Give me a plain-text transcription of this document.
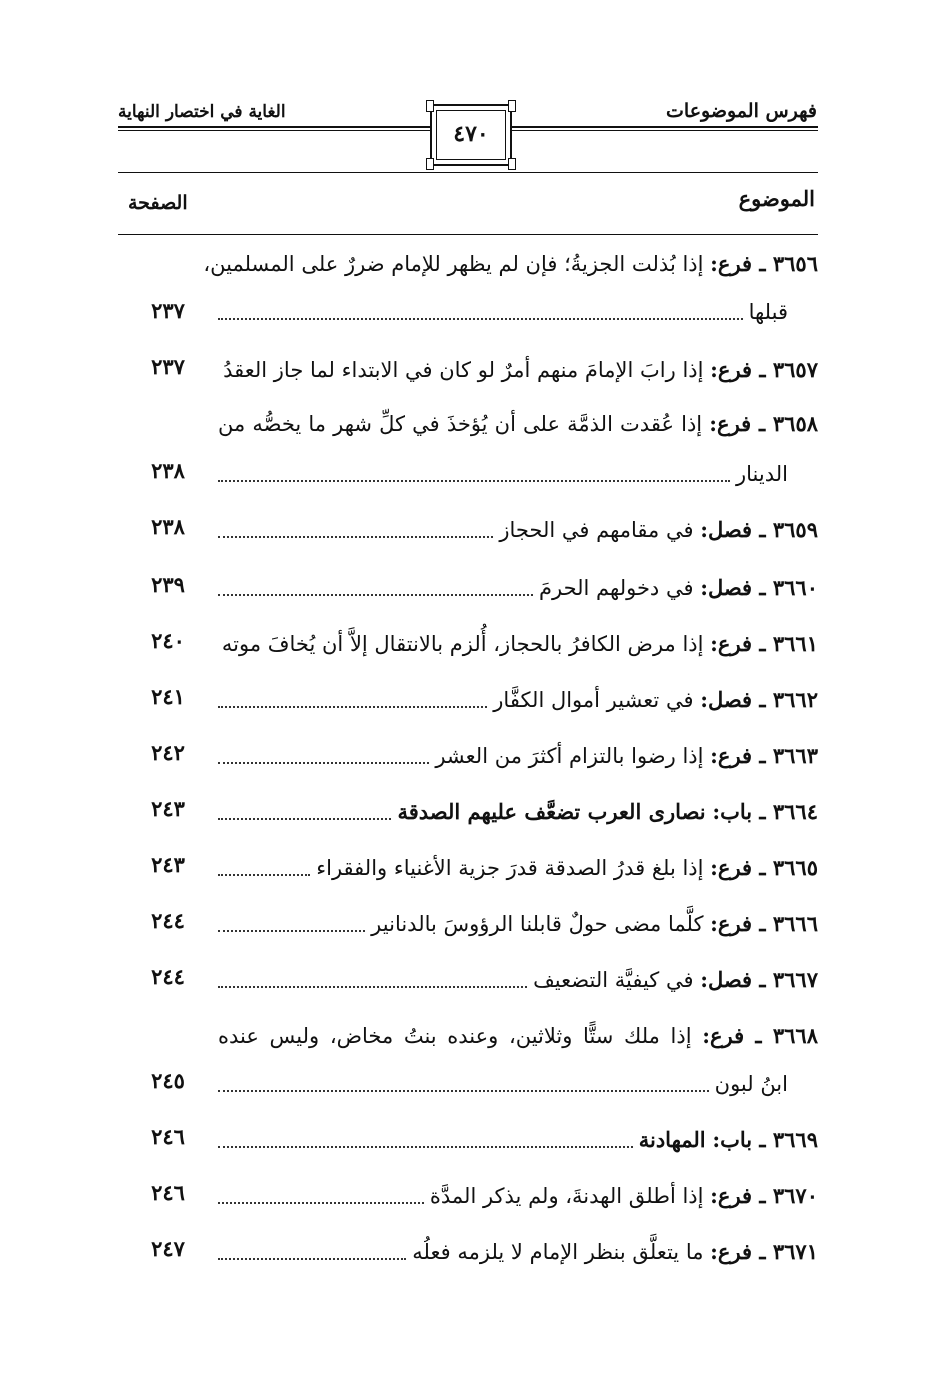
الغاية في اختصار النهاية	فهرس الموضوعات
٤٧٠
الموضوع
الصفحة
٣٦٥٦ ـ فرع: إذا بُذلت الجزيةُ؛ فإن لم يظهر للإمام ضررٌ على المسلمين،
قبلها
٢٣٧
٣٦٥٧ ـ فرع: إذا رابَ الإمامَ منهم أمرٌ لو كان في الابتداء لما جاز العقدُ
٢٣٧
٣٦٥٨ ـ فرع: إذا عُقدت الذمَّة على أن يُؤخذَ في كلِّ شهر ما يخصُّه من
الدينار
٢٣٨
٣٦٥٩ ـ فصل: في مقامهم في الحجاز
٢٣٨
٣٦٦٠ ـ فصل: في دخولهم الحرمَ
٢٣٩
٣٦٦١ ـ فرع: إذا مرض الكافرُ بالحجاز، أُلزم بالانتقال إلاَّ أن يُخافَ موته
٢٤٠
٣٦٦٢ ـ فصل: في تعشير أموال الكفَّار
٢٤١
٣٦٦٣ ـ فرع: إذا رضوا بالتزام أكثرَ من العشر
٢٤٢
٣٦٦٤ ـ باب: نصارى العرب تضعَّف عليهم الصدقة
٢٤٣
٣٦٦٥ ـ فرع: إذا بلغ قدرُ الصدقة قدرَ جزية الأغنياء والفقراء
٢٤٣
٣٦٦٦ ـ فرع: كلَّما مضى حولٌ قابلنا الرؤوسَ بالدنانير
٢٤٤
٣٦٦٧ ـ فصل: في كيفيَّة التضعيف
٢٤٤
٣٦٦٨ ـ فرع: إذا ملك ستًّا وثلاثين، وعنده بنتُ مخاض، وليس عنده
ابنُ لبون
٢٤٥
٣٦٦٩ ـ باب: المهادنة
٢٤٦
٣٦٧٠ ـ فرع: إذا أطلق الهدنةَ، ولم يذكر المدَّة
٢٤٦
٣٦٧١ ـ فرع: ما يتعلَّق بنظر الإمام لا يلزمه فعلُه
٢٤٧
